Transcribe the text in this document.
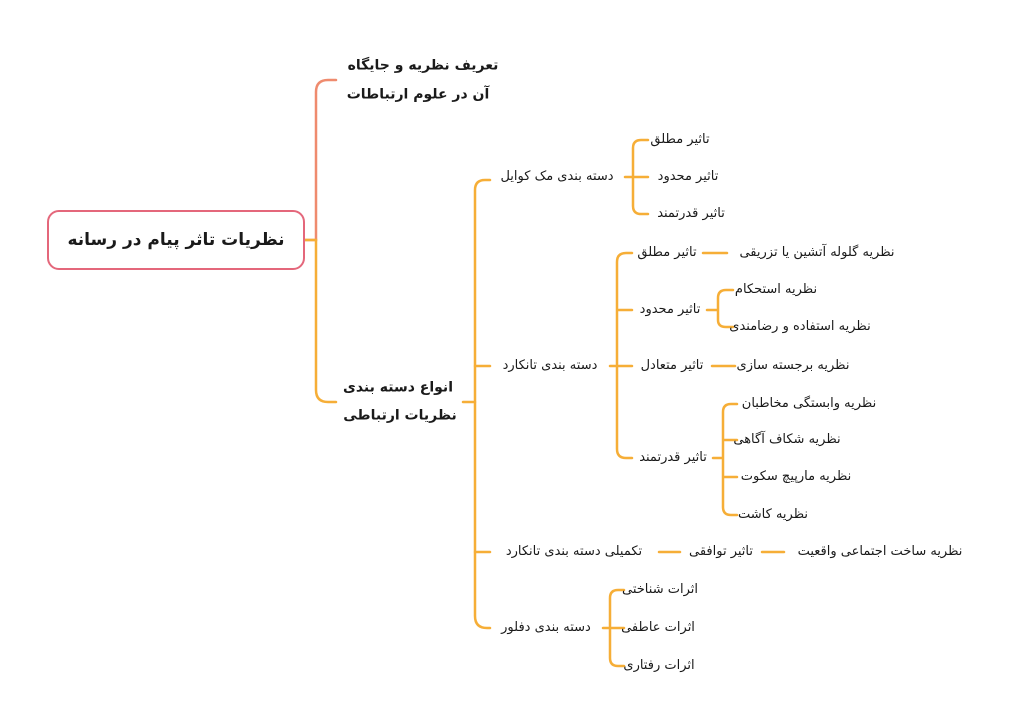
نظریات تاثر پیام در رسانه
تعریف نظریه و جایگاه
آن در علوم ارتباطات
انواع دسته بندی
نظریات ارتباطی
دسته بندی مک کوایل
دسته بندی تانکارد
تکمیلی دسته بندی تانکارد
دسته بندی دفلور
تاثیر مطلق
تاثیر محدود
تاثیر قدرتمند
تاثیر مطلق
تاثیر محدود
تاثیر متعادل
تاثیر قدرتمند
نظریه گلوله آتشین یا تزریقی
نظریه استحکام
نظریه استفاده و رضامندی
نظریه برجسته سازی
نظریه وابستگی مخاطبان
نظریه شکاف آگاهی
نظریه مارپیچ سکوت
نظریه کاشت
تاثیر توافقی	نظریه ساخت اجتماعی واقعیت
اثرات شناختی
اثرات عاطفی
اثرات رفتاری
